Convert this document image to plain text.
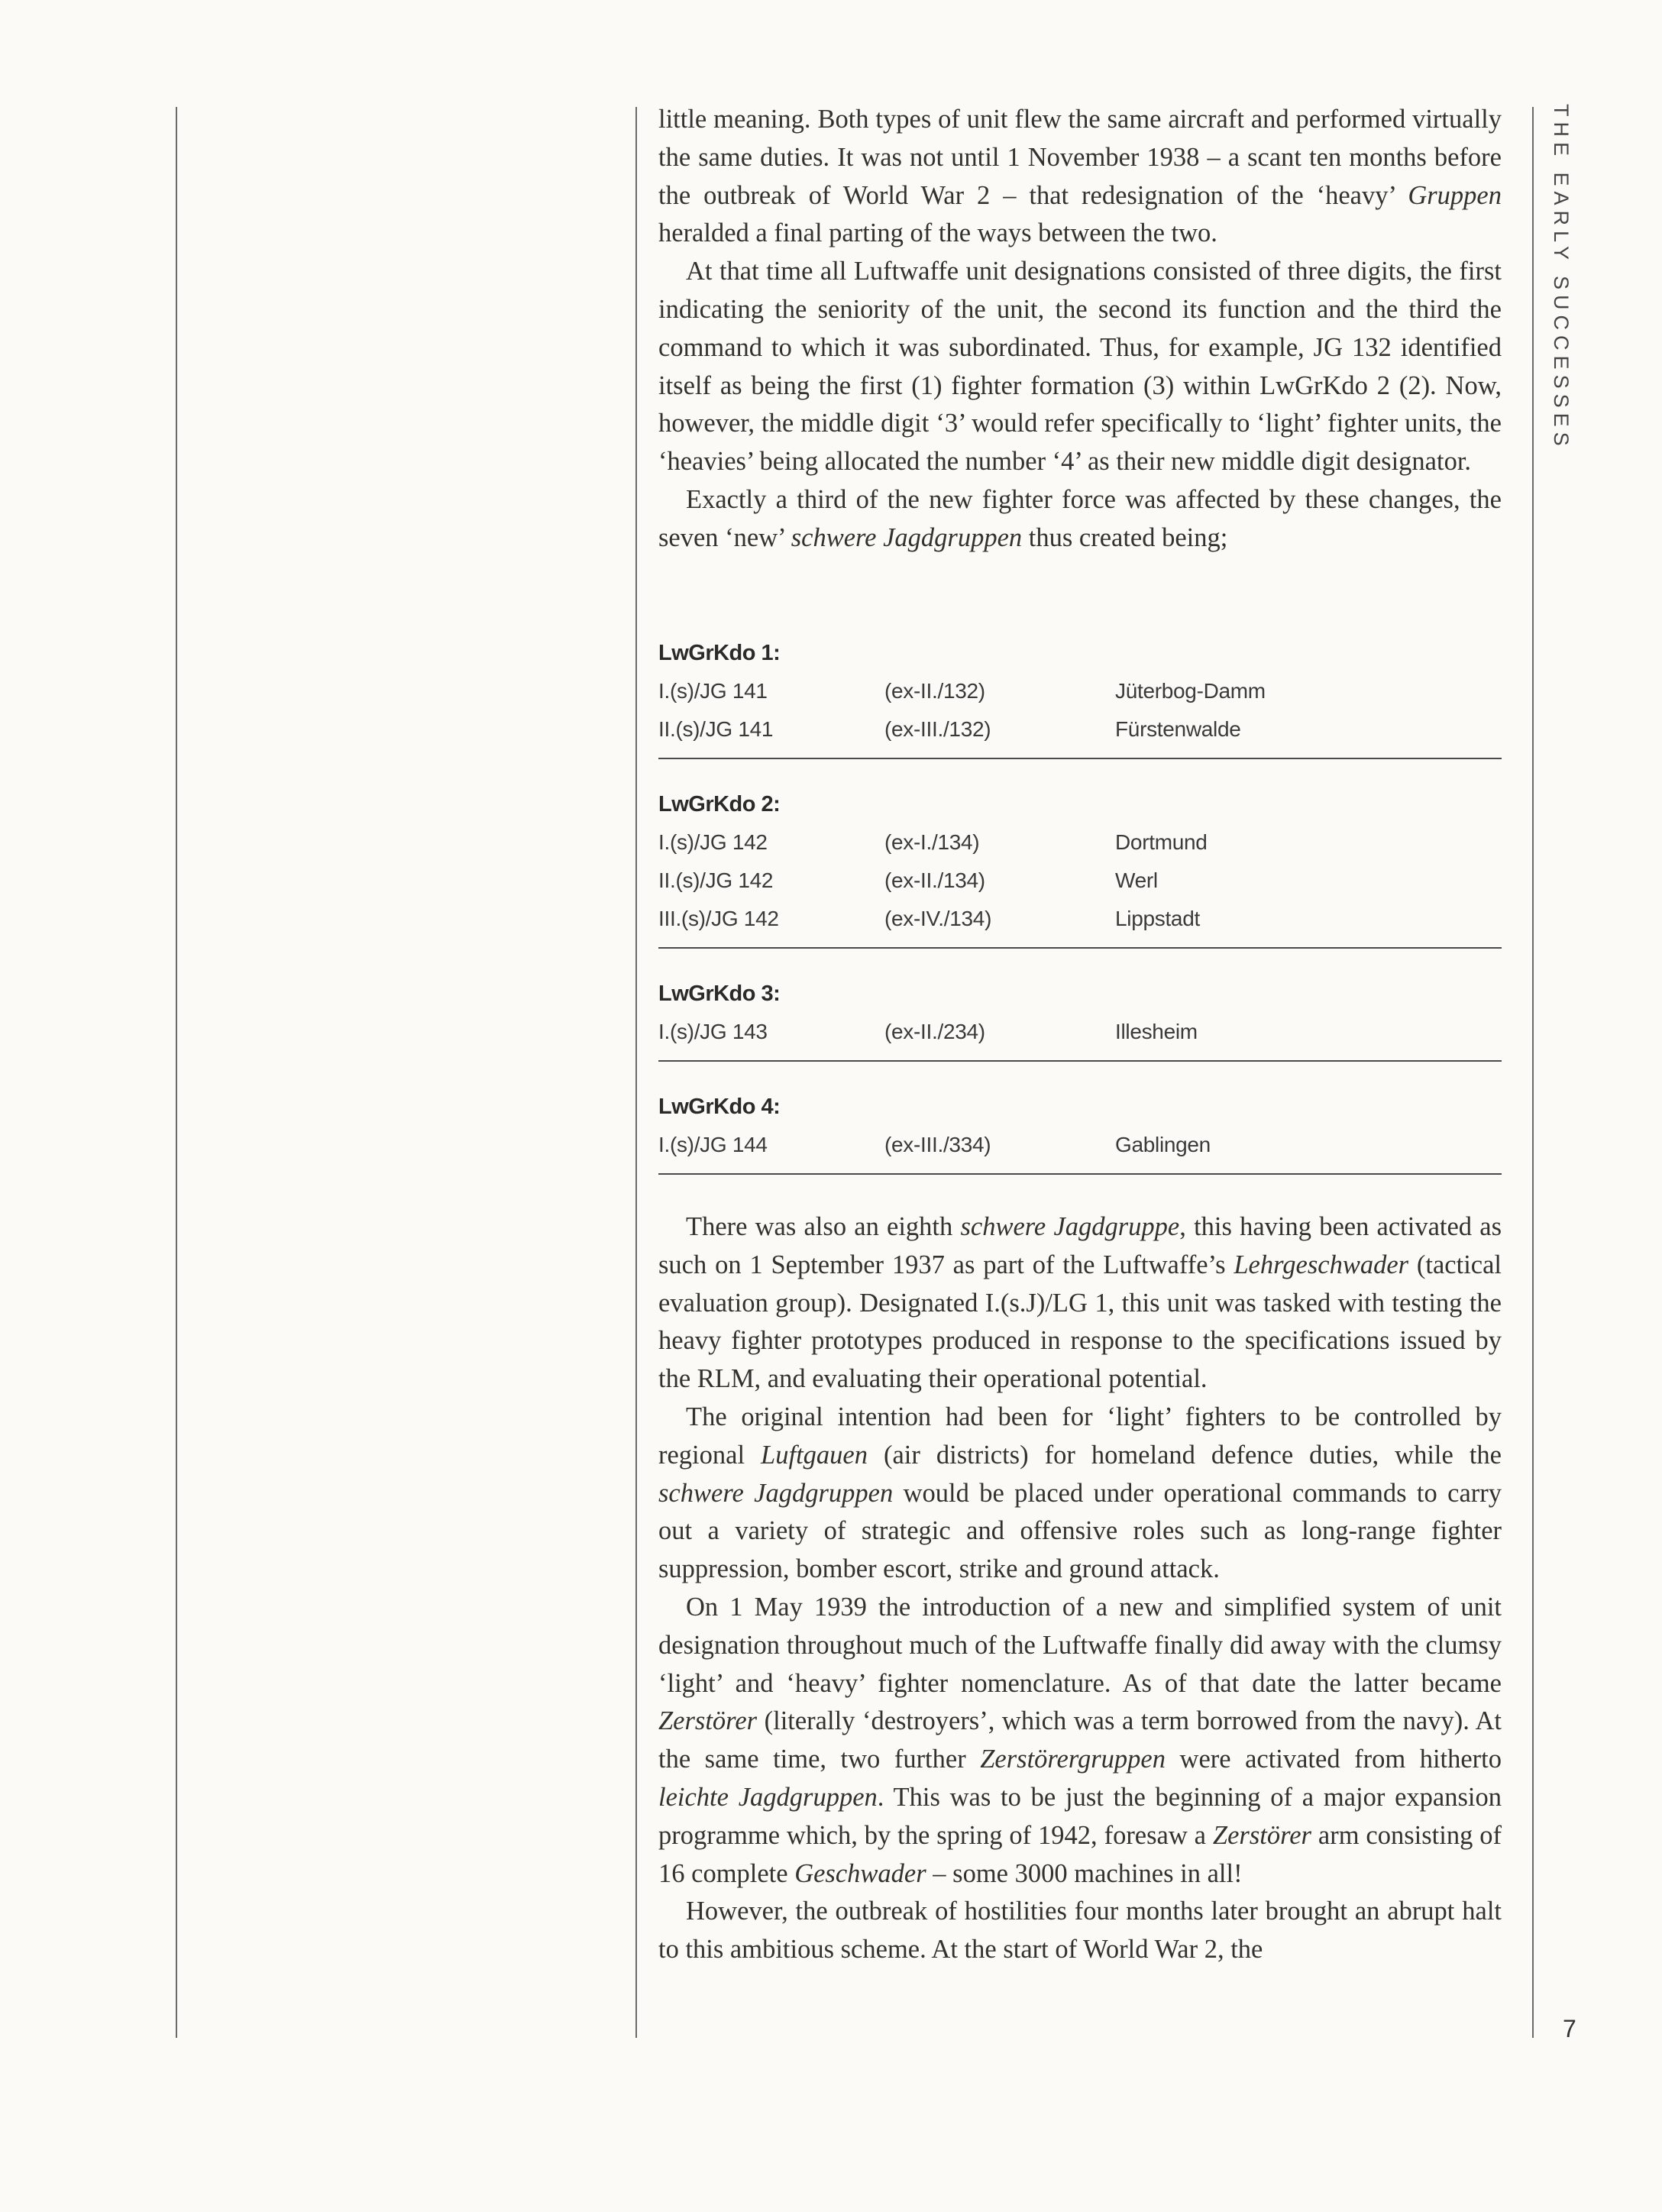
THE EARLY SUCCESSES

little meaning. Both types of unit flew the same aircraft and performed virtually the same duties. It was not until 1 November 1938 – a scant ten months before the outbreak of World War 2 – that redesignation of the ‘heavy’ Gruppen heralded a final parting of the ways between the two.

At that time all Luftwaffe unit designations consisted of three digits, the first indicating the seniority of the unit, the second its function and the third the command to which it was subordinated. Thus, for example, JG 132 identified itself as being the first (1) fighter formation (3) within LwGrKdo 2 (2). Now, however, the middle digit ‘3’ would refer specifically to ‘light’ fighter units, the ‘heavies’ being allocated the number ‘4’ as their new middle digit designator.

Exactly a third of the new fighter force was affected by these changes, the seven ‘new’ schwere Jagdgruppen thus created being;

LwGrKdo 1:
I.(s)/JG 141	(ex-II./132)	Jüterbog-Damm
II.(s)/JG 141	(ex-III./132)	Fürstenwalde
LwGrKdo 2:
I.(s)/JG 142	(ex-I./134)	Dortmund
II.(s)/JG 142	(ex-II./134)	Werl
III.(s)/JG 142	(ex-IV./134)	Lippstadt
LwGrKdo 3:
I.(s)/JG 143	(ex-II./234)	Illesheim
LwGrKdo 4:
I.(s)/JG 144	(ex-III./334)	Gablingen

There was also an eighth schwere Jagdgruppe, this having been activated as such on 1 September 1937 as part of the Luftwaffe’s Lehrgeschwader (tactical evaluation group). Designated I.(s.J)/LG 1, this unit was tasked with testing the heavy fighter prototypes produced in response to the specifications issued by the RLM, and evaluating their operational potential.

The original intention had been for ‘light’ fighters to be controlled by regional Luftgauen (air districts) for homeland defence duties, while the schwere Jagdgruppen would be placed under operational commands to carry out a variety of strategic and offensive roles such as long-range fighter suppression, bomber escort, strike and ground attack.

On 1 May 1939 the introduction of a new and simplified system of unit designation throughout much of the Luftwaffe finally did away with the clumsy ‘light’ and ‘heavy’ fighter nomenclature. As of that date the latter became Zerstörer (literally ‘destroyers’, which was a term borrowed from the navy). At the same time, two further Zerstörergruppen were activated from hitherto leichte Jagdgruppen. This was to be just the beginning of a major expansion programme which, by the spring of 1942, foresaw a Zerstörer arm consisting of 16 complete Geschwader – some 3000 machines in all!

However, the outbreak of hostilities four months later brought an abrupt halt to this ambitious scheme. At the start of World War 2, the

7
